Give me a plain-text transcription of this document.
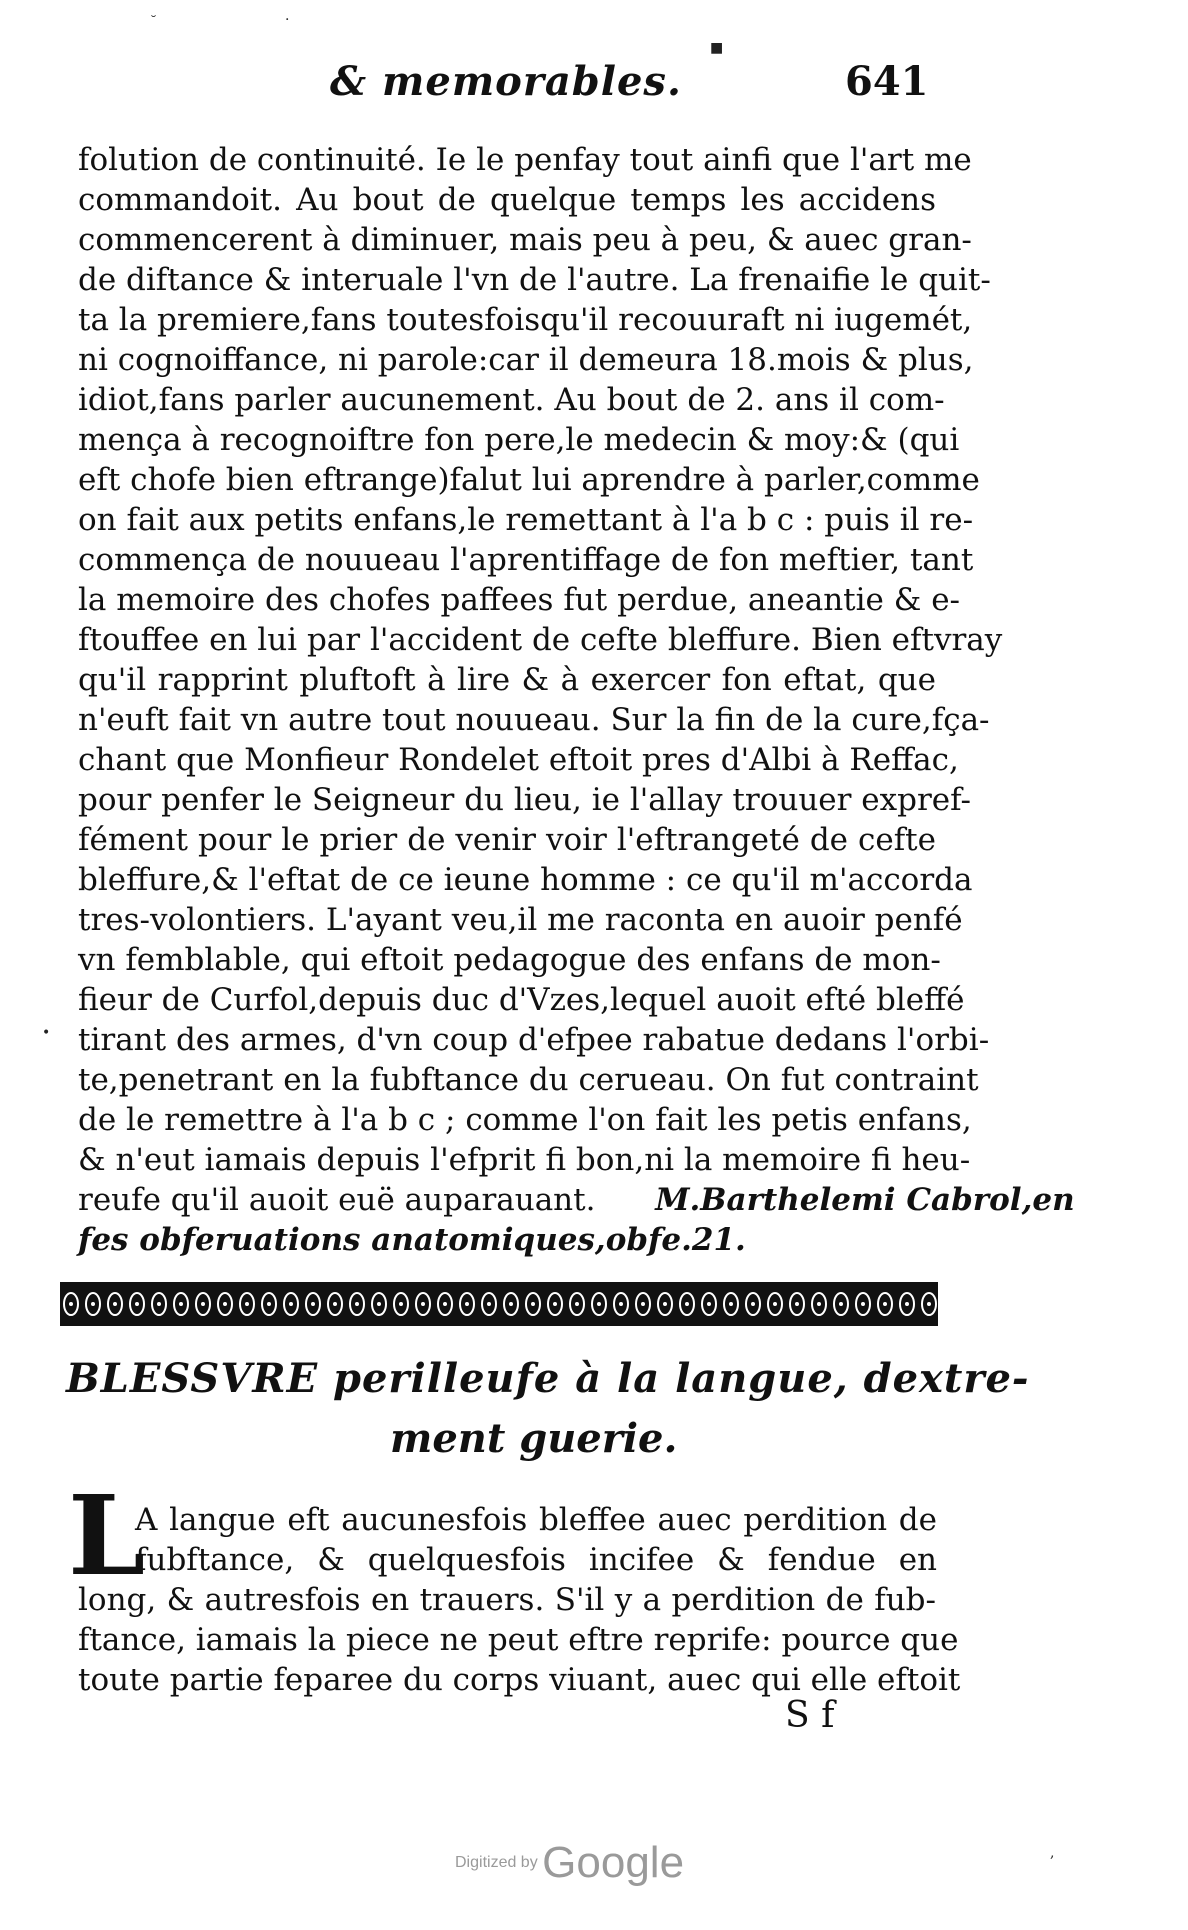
& memorables.	641
folution de continuité. Ie le penfay tout ainfi que l'art me
commandoit. Au bout de quelque temps les accidens
commencerent à diminuer, mais peu à peu, & auec gran-
de diftance & interuale l'vn de l'autre. La frenaifie le quit-
ta la premiere,fans toutesfoisqu'il recouuraft ni iugemét,
ni cognoiffance, ni parole:car il demeura 18.mois & plus,
idiot,fans parler aucunement. Au bout de 2. ans il com-
mença à recognoiftre fon pere,le medecin & moy:& (qui
eft chofe bien eftrange)falut lui aprendre à parler,comme
on fait aux petits enfans,le remettant à l'a b c : puis il re-
commença de nouueau l'aprentiffage de fon meftier, tant
la memoire des chofes paffees fut perdue, aneantie & e-
ftouffee en lui par l'accident de cefte bleffure. Bien eftvray
qu'il rapprint pluftoft à lire & à exercer fon eftat, que
n'euft fait vn autre tout nouueau. Sur la fin de la cure,fça-
chant que Monfieur Rondelet eftoit pres d'Albi à Reffac,
pour penfer le Seigneur du lieu, ie l'allay trouuer expref-
fément pour le prier de venir voir l'eftrangeté de cefte
bleffure,& l'eftat de ce ieune homme : ce qu'il m'accorda
tres-volontiers. L'ayant veu,il me raconta en auoir penfé
vn femblable, qui eftoit pedagogue des enfans de mon-
fieur de Curfol,depuis duc d'Vzes,lequel auoit efté bleffé
tirant des armes, d'vn coup d'efpee rabatue dedans l'orbi-
te,penetrant en la fubftance du cerueau. On fut contraint
de le remettre à l'a b c ; comme l'on fait les petis enfans,
& n'eut iamais depuis l'efprit fi bon,ni la memoire fi heu-
reufe qu'il auoit euë auparauant. M.Barthelemi Cabrol,en
fes obferuations anatomiques,obfe.21.
BLESSVRE perilleufe à la langue, dextre-
ment guerie.
L
A langue eft aucunesfois bleffee auec perdition de
fubftance, & quelquesfois incifee & fendue en
long, & autresfois en trauers. S'il y a perdition de fub-
ftance, iamais la piece ne peut eftre reprife: pource que
toute partie feparee du corps viuant, auec qui elle eftoit
S f
Digitized by Google
˘	·
■
•
,
